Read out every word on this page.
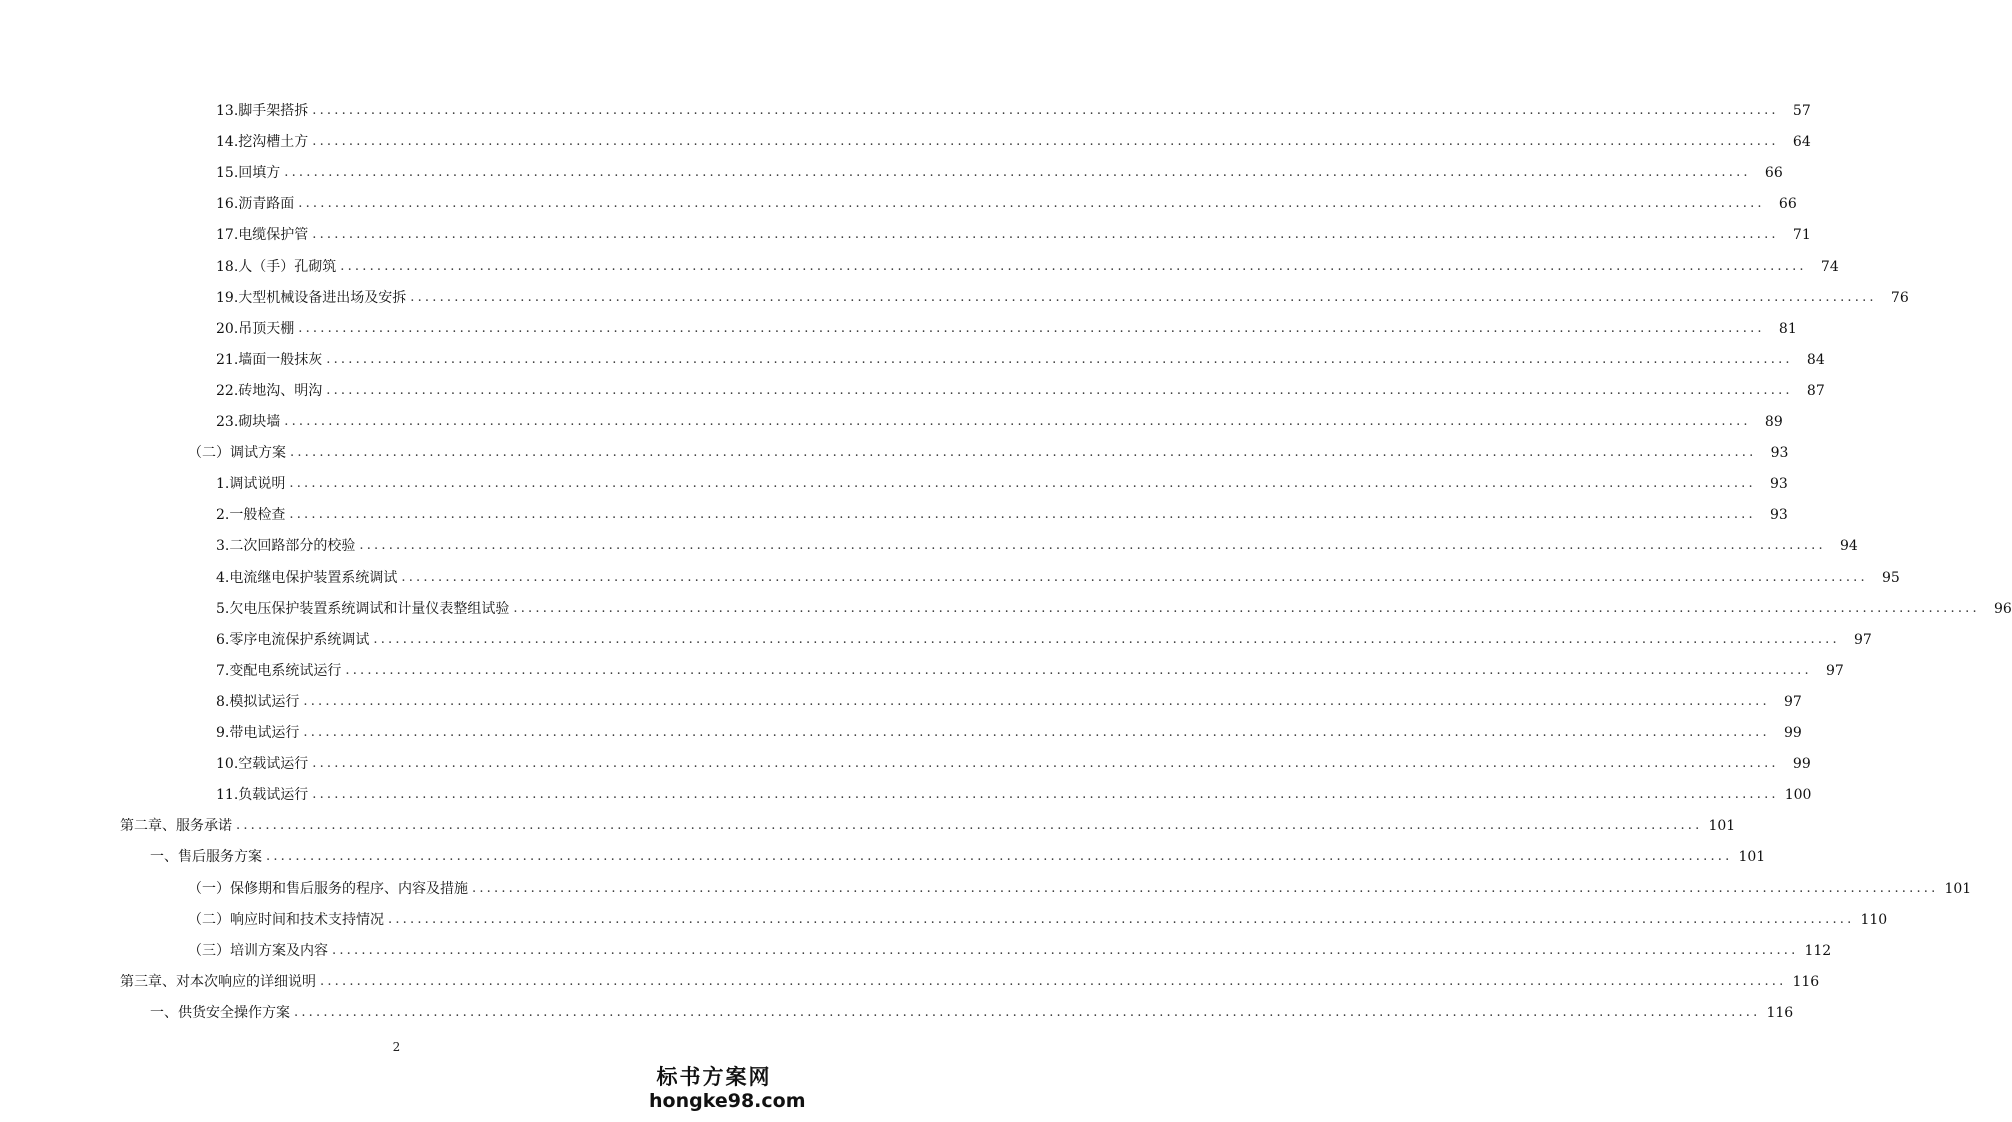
13.脚手架搭拆 ........................................................................................................................................................................................................	57
14.挖沟槽土方 ........................................................................................................................................................................................................	64
15.回填方 ........................................................................................................................................................................................................	66
16.沥青路面 ........................................................................................................................................................................................................	66
17.电缆保护管 ........................................................................................................................................................................................................	71
18.人（手）孔砌筑 ........................................................................................................................................................................................................	74
19.大型机械设备进出场及安拆 ........................................................................................................................................................................................................	76
20.吊顶天棚 ........................................................................................................................................................................................................	81
21.墙面一般抹灰 ........................................................................................................................................................................................................	84
22.砖地沟、明沟 ........................................................................................................................................................................................................	87
23.砌块墙 ........................................................................................................................................................................................................	89
（二）调试方案 ........................................................................................................................................................................................................	93
1.调试说明 ........................................................................................................................................................................................................	93
2.一般检查 ........................................................................................................................................................................................................	93
3.二次回路部分的校验 ........................................................................................................................................................................................................	94
4.电流继电保护装置系统调试 ........................................................................................................................................................................................................	95
5.欠电压保护装置系统调试和计量仪表整组试验 ........................................................................................................................................................................................................	96
6.零序电流保护系统调试 ........................................................................................................................................................................................................	97
7.变配电系统试运行 ........................................................................................................................................................................................................	97
8.模拟试运行 ........................................................................................................................................................................................................	97
9.带电试运行 ........................................................................................................................................................................................................	99
10.空载试运行 ........................................................................................................................................................................................................	99
11.负载试运行 ........................................................................................................................................................................................................ 100
第二章、服务承诺 ........................................................................................................................................................................................................ 101
一、售后服务方案 ........................................................................................................................................................................................................ 101
（一）保修期和售后服务的程序、内容及措施 ........................................................................................................................................................................................................ 101
（二）响应时间和技术支持情况 ........................................................................................................................................................................................................ 110
（三）培训方案及内容 ........................................................................................................................................................................................................ 112
第三章、对本次响应的详细说明 ........................................................................................................................................................................................................ 116
一、供货安全操作方案 ........................................................................................................................................................................................................ 116
2
标书方案网
hongke98.com
